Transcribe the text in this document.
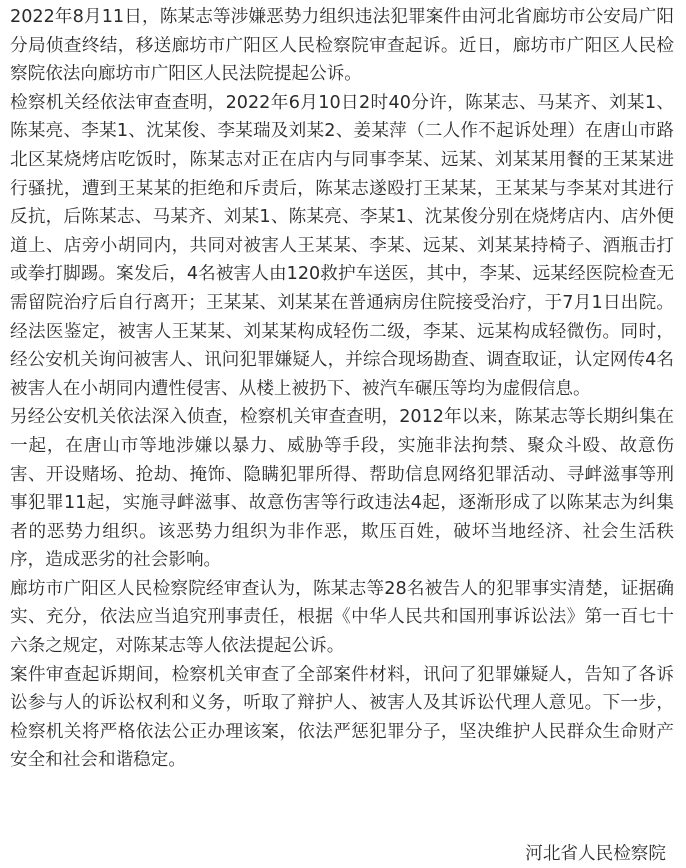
2022年8月11日，陈某志等涉嫌恶势力组织违法犯罪案件由河北省廊坊市公安局广阳分局侦查终结，移送廊坊市广阳区人民检察院审查起诉。近日，廊坊市广阳区人民检察院依法向廊坊市广阳区人民法院提起公诉。

检察机关经依法审查查明，2022年6月10日2时40分许，陈某志、马某齐、刘某1、陈某亮、李某1、沈某俊、李某瑞及刘某2、姜某萍（二人作不起诉处理）在唐山市路北区某烧烤店吃饭时，陈某志对正在店内与同事李某、远某、刘某某用餐的王某某进行骚扰，遭到王某某的拒绝和斥责后，陈某志遂殴打王某某，王某某与李某对其进行反抗，后陈某志、马某齐、刘某1、陈某亮、李某1、沈某俊分别在烧烤店内、店外便道上、店旁小胡同内，共同对被害人王某某、李某、远某、刘某某持椅子、酒瓶击打或拳打脚踢。案发后，4名被害人由120救护车送医，其中，李某、远某经医院检查无需留院治疗后自行离开；王某某、刘某某在普通病房住院接受治疗，于7月1日出院。经法医鉴定，被害人王某某、刘某某构成轻伤二级，李某、远某构成轻微伤。同时，经公安机关询问被害人、讯问犯罪嫌疑人，并综合现场勘查、调查取证，认定网传4名被害人在小胡同内遭性侵害、从楼上被扔下、被汽车碾压等均为虚假信息。

另经公安机关依法深入侦查，检察机关审查查明，2012年以来，陈某志等长期纠集在一起，在唐山市等地涉嫌以暴力、威胁等手段，实施非法拘禁、聚众斗殴、故意伤害、开设赌场、抢劫、掩饰、隐瞒犯罪所得、帮助信息网络犯罪活动、寻衅滋事等刑事犯罪11起，实施寻衅滋事、故意伤害等行政违法4起，逐渐形成了以陈某志为纠集者的恶势力组织。该恶势力组织为非作恶，欺压百姓，破坏当地经济、社会生活秩序，造成恶劣的社会影响。

廊坊市广阳区人民检察院经审查认为，陈某志等28名被告人的犯罪事实清楚，证据确实、充分，依法应当追究刑事责任，根据《中华人民共和国刑事诉讼法》第一百七十六条之规定，对陈某志等人依法提起公诉。

案件审查起诉期间，检察机关审查了全部案件材料，讯问了犯罪嫌疑人，告知了各诉讼参与人的诉讼权利和义务，听取了辩护人、被害人及其诉讼代理人意见。下一步，检察机关将严格依法公正办理该案，依法严惩犯罪分子，坚决维护人民群众生命财产安全和社会和谐稳定。

河北省人民检察院
